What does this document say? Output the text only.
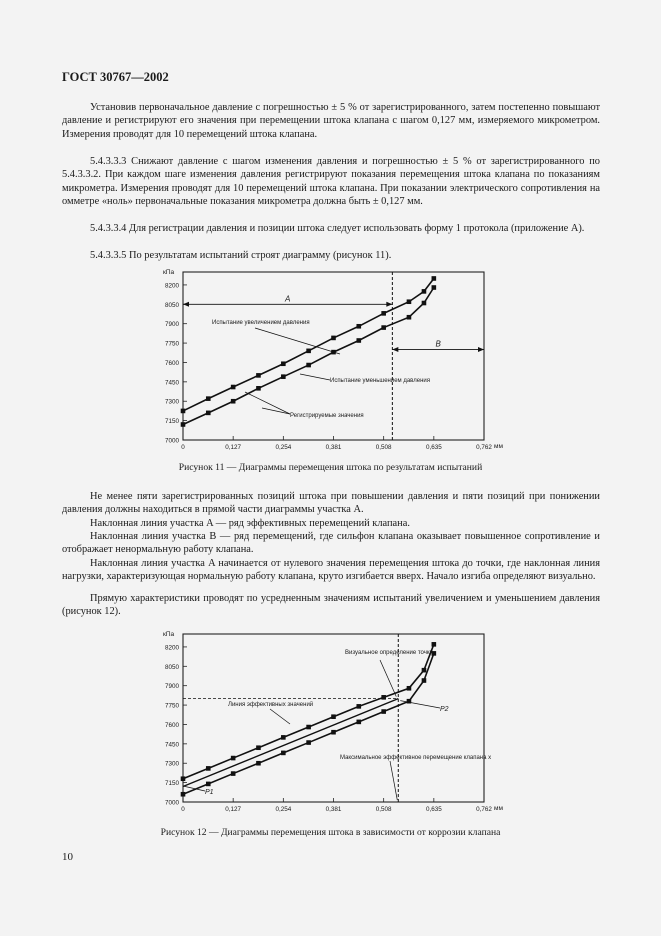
ГОСТ 30767—2002
Установив первоначальное давление с погрешностью ± 5 % от зарегистрированного, затем постепенно повышают давление и регистрируют его значения при перемещении штока клапана с шагом 0,127 мм, измеряемого микрометром. Измерения проводят для 10 перемещений штока клапана.
5.4.3.3.3 Снижают давление с шагом изменения давления и погрешностью ± 5 % от зарегистрированного по 5.4.3.3.2. При каждом шаге изменения давления регистрируют показания перемещения штока клапана по показаниям микрометра. Измерения проводят для 10 перемещений штока клапана. При показании электрического сопротивления на омметре «ноль» первоначальные показания микрометра должна быть ± 0,127 мм.
5.4.3.3.4 Для регистрации давления и позиции штока следует использовать форму 1 протокола (приложение А).
5.4.3.3.5 По результатам испытаний строят диаграмму (рисунок 11).
кПа
мм
7000
7150
7300
7450
7600
7750
7900
8050
8200
0	0,127	0,254	0,381	0,508	0,635	0,762
A
B
Испытание увеличением давления
Испытание уменьшением давления
Регистрируемые значения
Рисунок 11 — Диаграммы перемещения штока по результатам испытаний
Не менее пяти зарегистрированных позиций штока при повышении давления и пяти позиций при понижении давления должны находиться в прямой части диаграммы участка A.
Наклонная линия участка A — ряд эффективных перемещений клапана.
Наклонная линия участка B — ряд перемещений, где сильфон клапана оказывает повышенное сопротивление и отображает ненормальную работу клапана.
Наклонная линия участка A начинается от нулевого значения перемещения штока до точки, где наклонная линия нагрузки, характеризующая нормальную работу клапана, круто изгибается вверх. Начало изгиба определяют визуально.
Прямую характеристики проводят по усредненным значениям испытаний увеличением и уменьшением давления (рисунок 12).
кПа
мм
7000
7150
7300
7450
7600
7750
7900
8050
8200
0	0,127	0,254	0,381	0,508	0,635	0,762
Визуальное определение точки
Линия эффективных значений
Максимальное эффективное перемещение клапана x
P2
P1
Рисунок 12 — Диаграммы перемещения штока в зависимости от коррозии клапана
10
